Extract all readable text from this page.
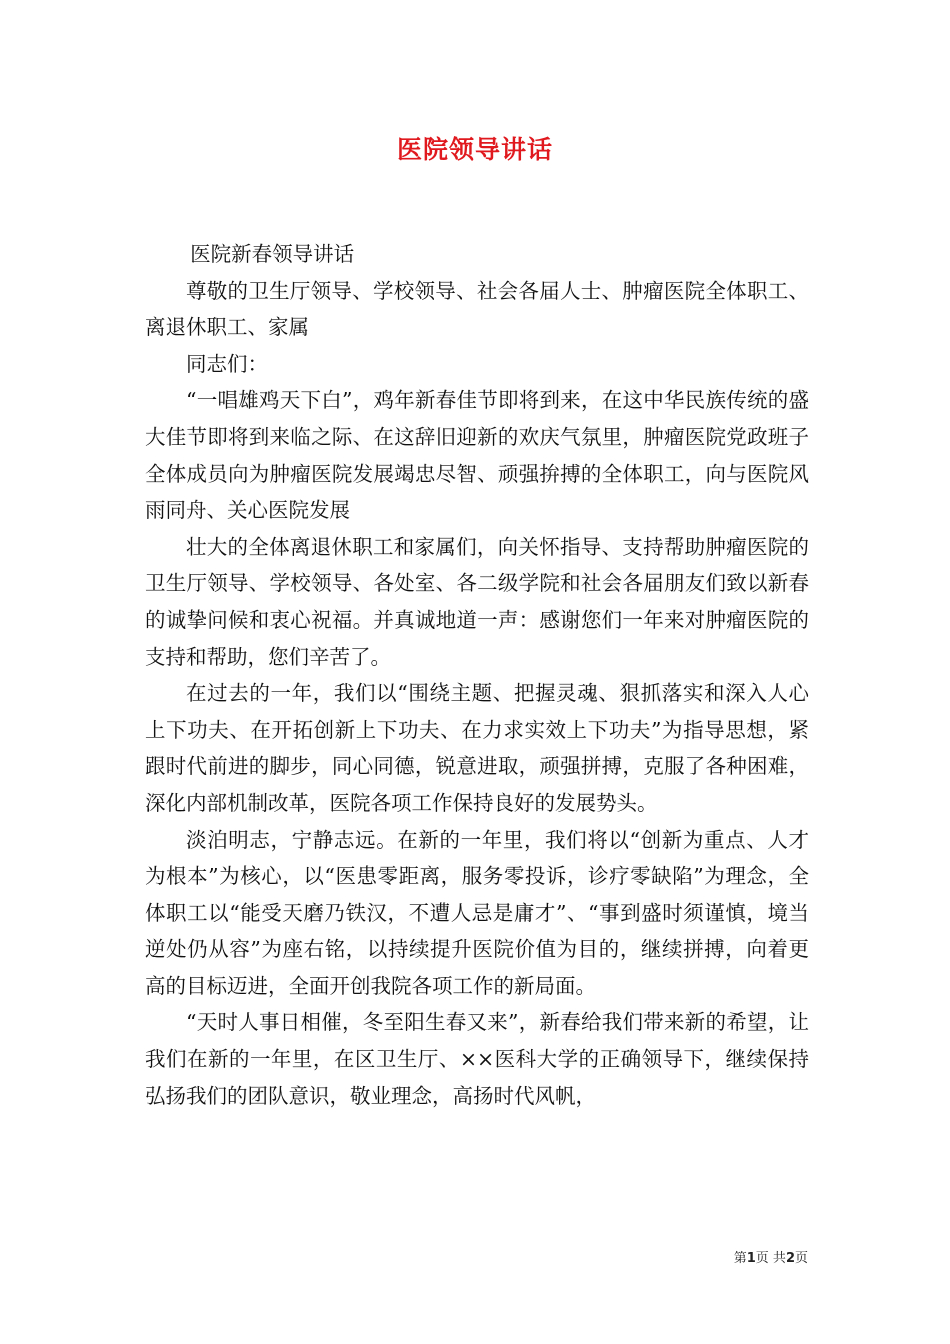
医院领导讲话

医院新春领导讲话

尊敬的卫生厅领导、学校领导、社会各届人士、肿瘤医院全体职工、离退休职工、家属

同志们：

“一唱雄鸡天下白”，鸡年新春佳节即将到来，在这中华民族传统的盛大佳节即将到来临之际、在这辞旧迎新的欢庆气氛里，肿瘤医院党政班子全体成员向为肿瘤医院发展竭忠尽智、顽强拚搏的全体职工，向与医院风雨同舟、关心医院发展

壮大的全体离退休职工和家属们，向关怀指导、支持帮助肿瘤医院的卫生厅领导、学校领导、各处室、各二级学院和社会各届朋友们致以新春的诚挚问候和衷心祝福。并真诚地道一声：感谢您们一年来对肿瘤医院的支持和帮助，您们辛苦了。

在过去的一年，我们以“围绕主题、把握灵魂、狠抓落实和深入人心上下功夫、在开拓创新上下功夫、在力求实效上下功夫”为指导思想，紧跟时代前进的脚步，同心同德，锐意进取，顽强拼搏，克服了各种困难，深化内部机制改革，医院各项工作保持良好的发展势头。

淡泊明志，宁静志远。在新的一年里，我们将以“创新为重点、人才为根本”为核心，以“医患零距离，服务零投诉，诊疗零缺陷”为理念，全体职工以“能受天磨乃铁汉，不遭人忌是庸才”、“事到盛时须谨慎，境当逆处仍从容”为座右铭，以持续提升医院价值为目的，继续拼搏，向着更高的目标迈进，全面开创我院各项工作的新局面。

“天时人事日相催，冬至阳生春又来”，新春给我们带来新的希望，让我们在新的一年里，在区卫生厅、××医科大学的正确领导下，继续保持弘扬我们的团队意识，敬业理念，高扬时代风帆，

第1页 共2页
